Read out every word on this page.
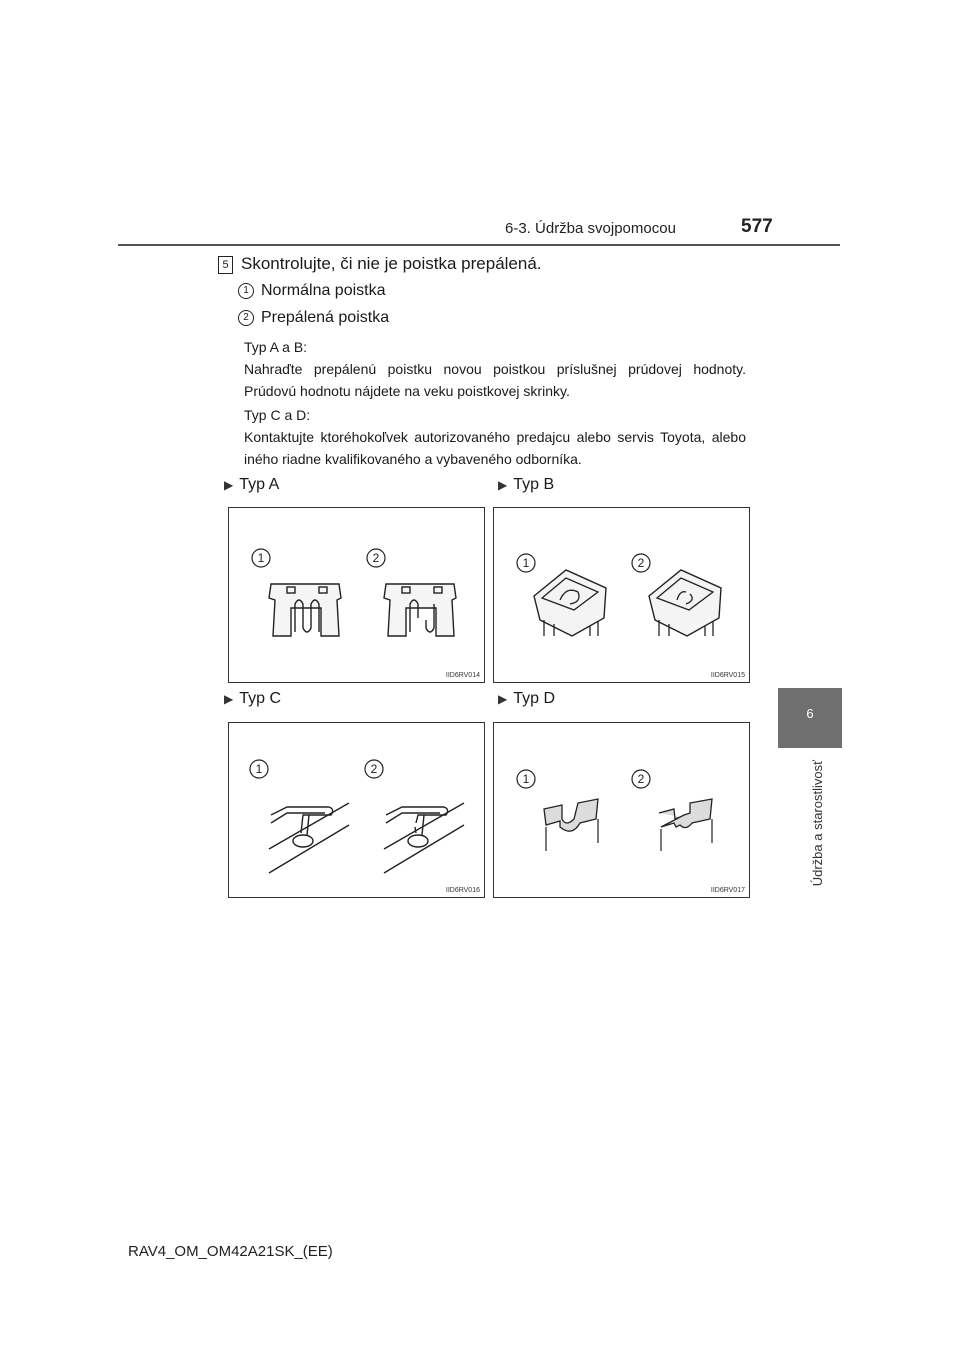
6-3. Údržba svojpomocou	577
6
Údržba a starostlivosť
5 Skontrolujte, či nie je poistka prepálená.
1 Normálna poistka
2 Prepálená poistka
Typ A a B:
Nahraďte prepálenú poistku novou poistkou príslušnej prúdovej hodnoty. Prúdovú hodnotu nájdete na veku poistkovej skrinky.
Typ C a D:
Kontaktujte ktoréhokoľvek autorizovaného predajcu alebo servis Toyota, alebo iného riadne kvalifikovaného a vybaveného odborníka.
▶ Typ A	▶ Typ B
▶ Typ C	▶ Typ D
1	2
IID6RV014
1	2
IID6RV015
1	2
IID6RV016
1	2
IID6RV017
RAV4_OM_OM42A21SK_(EE)
